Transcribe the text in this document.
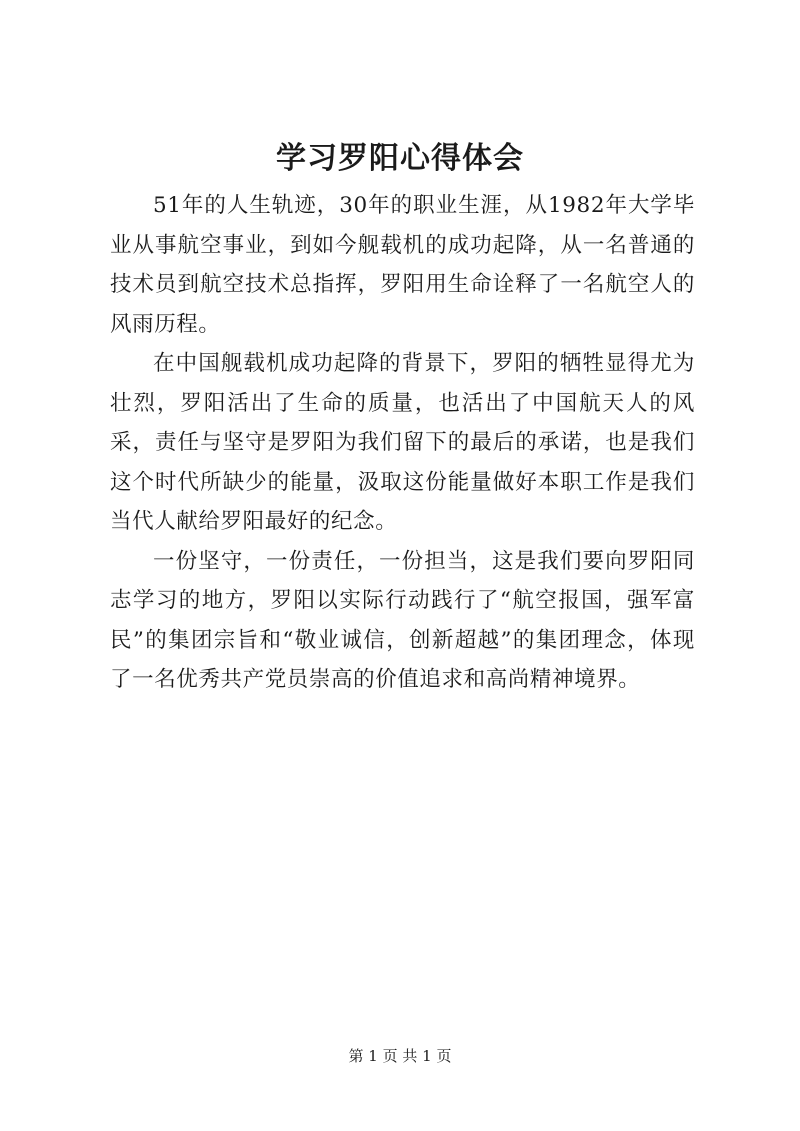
学习罗阳心得体会

51年的人生轨迹，30年的职业生涯，从1982年大学毕业从事航空事业，到如今舰载机的成功起降，从一名普通的技术员到航空技术总指挥，罗阳用生命诠释了一名航空人的风雨历程。

在中国舰载机成功起降的背景下，罗阳的牺牲显得尤为壮烈，罗阳活出了生命的质量，也活出了中国航天人的风采，责任与坚守是罗阳为我们留下的最后的承诺，也是我们这个时代所缺少的能量，汲取这份能量做好本职工作是我们当代人献给罗阳最好的纪念。

一份坚守，一份责任，一份担当，这是我们要向罗阳同志学习的地方，罗阳以实际行动践行了“航空报国，强军富民”的集团宗旨和“敬业诚信，创新超越”的集团理念，体现了一名优秀共产党员崇高的价值追求和高尚精神境界。

第 1 页 共 1 页
